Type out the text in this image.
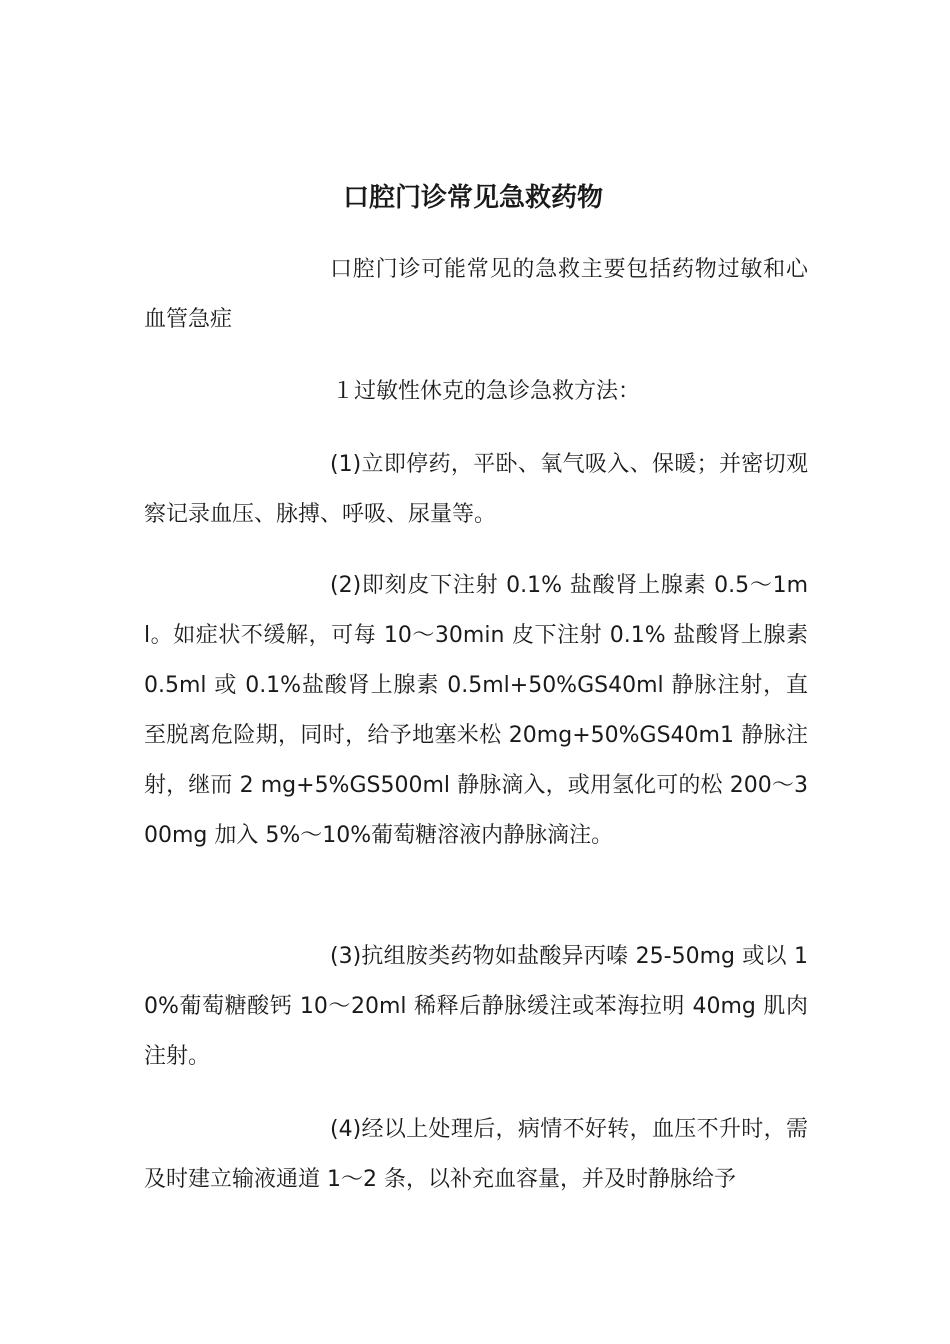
口腔门诊常见急救药物

口腔门诊可能常见的急救主要包括药物过敏和心血管急症

１过敏性休克的急诊急救方法：

(1)立即停药，平卧、氧气吸入、保暖；并密切观察记录血压、脉搏、呼吸、尿量等。

(2)即刻皮下注射 0.1% 盐酸肾上腺素 0.5～1ml。如症状不缓解，可每 10～30min 皮下注射 0.1% 盐酸肾上腺素 0.5ml 或 0.1%盐酸肾上腺素 0.5ml+50%GS40ml 静脉注射，直至脱离危险期，同时，给予地塞米松 20mg+50%GS40m1 静脉注射，继而 2 mg+5%GS500ml 静脉滴入，或用氢化可的松 200～300mg 加入 5%～10%葡萄糖溶液内静脉滴注。

(3)抗组胺类药物如盐酸异丙嗪 25-50mg 或以 10%葡萄糖酸钙 10～20ml 稀释后静脉缓注或苯海拉明 40mg 肌肉注射。

(4)经以上处理后，病情不好转，血压不升时，需及时建立输液通道 1～2 条，以补充血容量，并及时静脉给予
